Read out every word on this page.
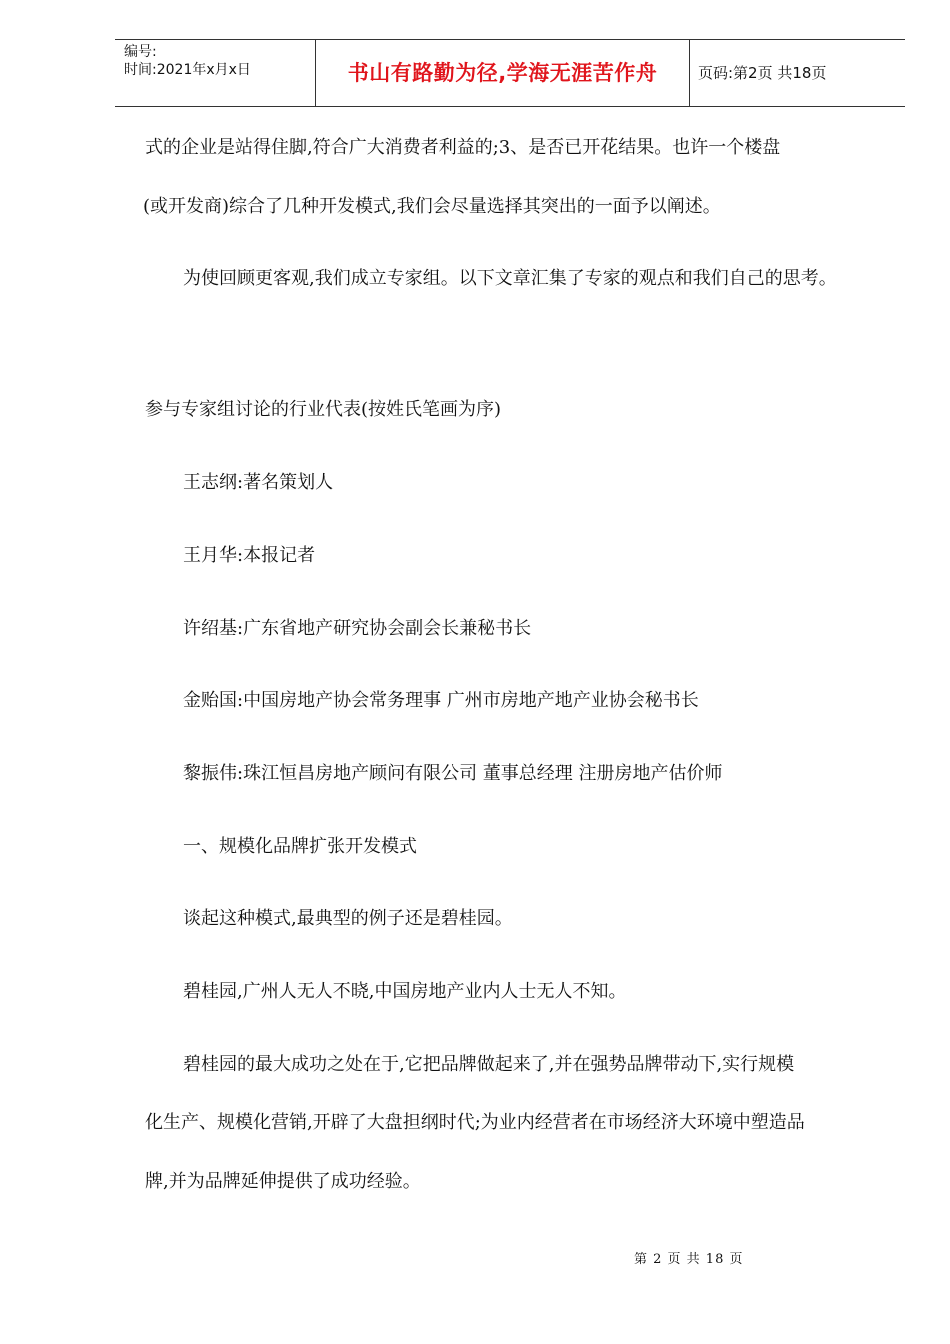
编号:
时间:2021年x月x日	书山有路勤为径,学海无涯苦作舟	页码:第2页 共18页
式的企业是站得住脚,符合广大消费者利益的;3、是否已开花结果。也许一个楼盘
(或开发商)综合了几种开发模式,我们会尽量选择其突出的一面予以阐述。
为使回顾更客观,我们成立专家组。以下文章汇集了专家的观点和我们自己的思考。
参与专家组讨论的行业代表(按姓氏笔画为序)
王志纲:著名策划人
王月华:本报记者
许绍基:广东省地产研究协会副会长兼秘书长
金贻国:中国房地产协会常务理事 广州市房地产地产业协会秘书长
黎振伟:珠江恒昌房地产顾问有限公司 董事总经理 注册房地产估价师
一、规模化品牌扩张开发模式
谈起这种模式,最典型的例子还是碧桂园。
碧桂园,广州人无人不晓,中国房地产业内人士无人不知。
碧桂园的最大成功之处在于,它把品牌做起来了,并在强势品牌带动下,实行规模
化生产、规模化营销,开辟了大盘担纲时代;为业内经营者在市场经济大环境中塑造品
牌,并为品牌延伸提供了成功经验。
第 2 页 共 18 页
